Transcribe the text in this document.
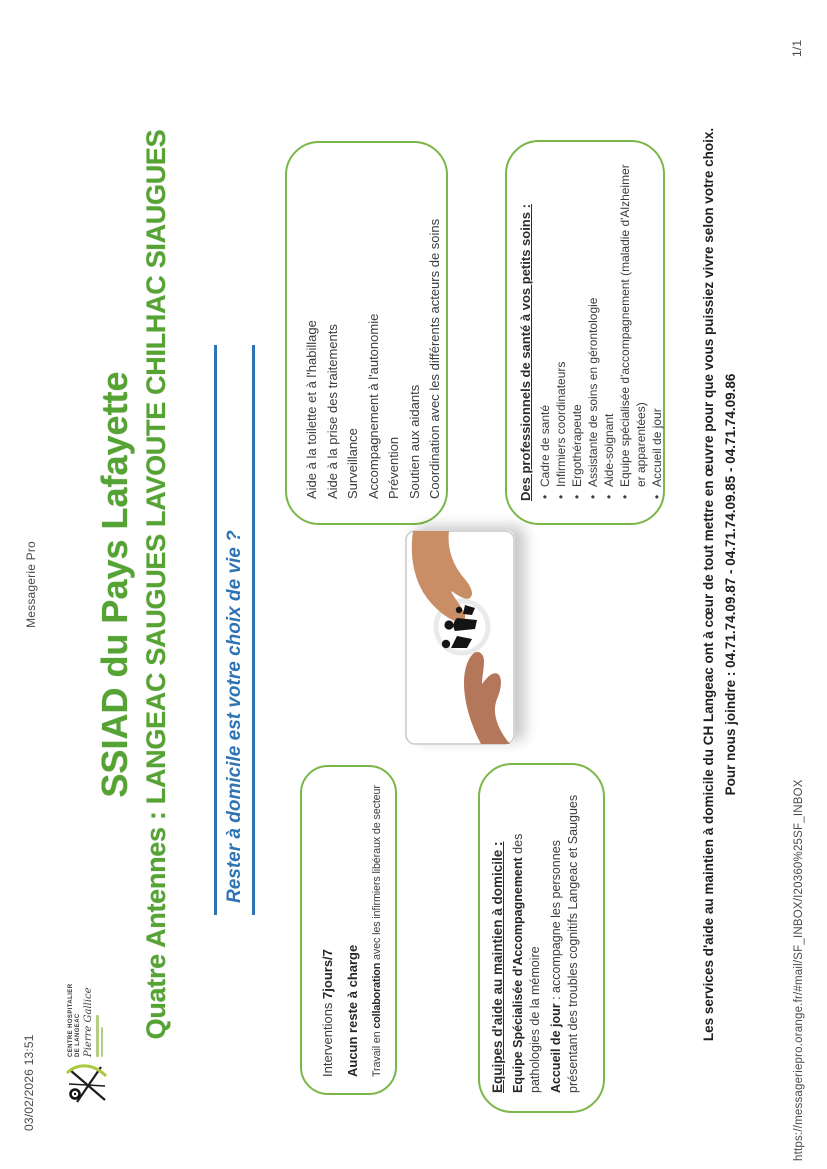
03/02/2026 13:51
Messagerie Pro
CENTRE HOSPITALIER DE LANGEAC Pierre Gallice
SSIAD du Pays Lafayette Quatre Antennes : LANGEAC SAUGUES LAVOUTE CHILHAC SIAUGUES	Rester à domicile est votre choix de vie ?
Aide à la toilette et à l'habillage Aide à la prise des traitements Surveillance Accompagnement à l'autonomie Prévention Soutien aux aidants Coordination avec les différents acteurs de soins
Interventions 7jours/7 Aucun reste à charge	Travail en collaboration avec les infirmiers libéraux de secteur
Des professionnels de santé à vos petits soins : • Cadre de santé • Infirmiers coordinateurs • Ergothérapeute • Assistante de soins en gérontologie • Aide-soignant • Equipe spécialisée d'accompagnement (maladie d'Alzheimer er apparentées) • Accueil de jour
Equipes d'aide au maintien à domicile : Equipe Spécialisée d'Accompagnement des pathologies de la mémoire Accueil de jour : accompagne les personnes présentant des troubles cognitifs Langeac et Saugues	Les services d'aide au maintien à domicile du CH Langeac ont à cœur de tout mettre en œuvre pour que vous puissiez vivre selon votre choix. Pour nous joindre : 04.71.74.09.87 - 04.71.74.09.85 - 04.71.74.09.86
https://messageriepro.orange.fr/#mail/SF_INBOX/I20360%25SF_INBOX
1/1
